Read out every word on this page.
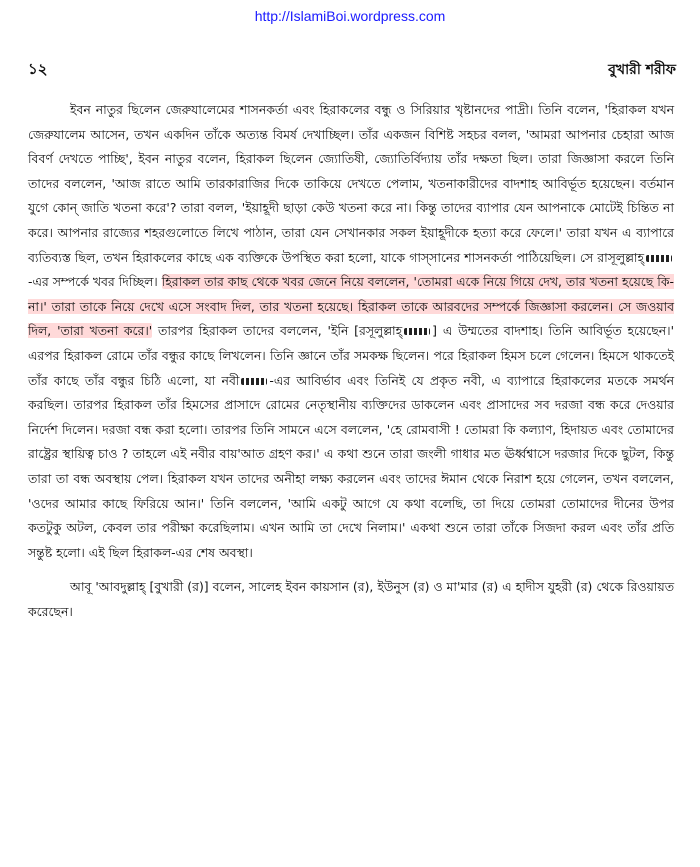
http://IslamiBoi.wordpress.com
১২	বুখারী শরীফ

ইবন নাতুর ছিলেন জেরুযালেমের শাসনকর্তা এবং হিরাকলের বন্ধু ও সিরিয়ার খৃষ্টানদের পাদ্রী। তিনি বলেন, 'হিরাকল যখন জেরুযালেম আসেন, তখন একদিন তাঁকে অত্যন্ত বিমর্ষ দেখাচ্ছিল। তাঁর একজন বিশিষ্ট সহচর বলল, 'আমরা আপনার চেহারা আজ বিবর্ণ দেখতে পাচ্ছি', ইবন নাতুর বলেন, হিরাকল ছিলেন জ্যোতিষী, জ্যোতির্বিদ্যায় তাঁর দক্ষতা ছিল। তারা জিজ্ঞাসা করলে তিনি তাদের বললেন, 'আজ রাতে আমি তারকারাজির দিকে তাকিয়ে দেখতে পেলাম, খতনাকারীদের বাদশাহ আবির্ভূত হয়েছেন। বর্তমান যুগে কোন্ জাতি খতনা করে'? তারা বলল, 'ইয়াহূদী ছাড়া কেউ খতনা করে না। কিন্তু তাদের ব্যাপার যেন আপনাকে মোটেই চিন্তিত না করে। আপনার রাজ্যের শহরগুলোতে লিখে পাঠান, তারা যেন সেখানকার সকল ইয়াহূদীকে হত্যা করে ফেলে।' তারা যখন এ ব্যাপারে ব্যতিব্যস্ত ছিল, তখন হিরাকলের কাছে এক ব্যক্তিকে উপস্থিত করা হলো, যাকে গাস্‌সানের শাসনকর্তা পাঠিয়েছিল। সে রাসূলুল্লাহ্‌-এর সম্পর্কে খবর দিচ্ছিল। হিরাকল তার কাছ থেকে খবর জেনে নিয়ে বললেন, 'তোমরা একে নিয়ে গিয়ে দেখ, তার খতনা হয়েছে কি-না।' তারা তাকে নিয়ে দেখে এসে সংবাদ দিল, তার খতনা হয়েছে। হিরাকল তাকে আরবদের সম্পর্কে জিজ্ঞাসা করলেন। সে জওয়াব দিল, 'তারা খতনা করে।' তারপর হিরাকল তাদের বললেন, 'ইনি [রসূলুল্লাহ্‌ ] এ উম্মতের বাদশাহ। তিনি আবির্ভূত হয়েছেন।' এরপর হিরাকল রোমে তাঁর বন্ধুর কাছে লিখলেন। তিনি জ্ঞানে তাঁর সমকক্ষ ছিলেন। পরে হিরাকল হিমস চলে গেলেন। হিমসে থাকতেই তাঁর কাছে তাঁর বন্ধুর চিঠি এলো, যা নবী -এর আবির্ভাব এবং তিনিই যে প্রকৃত নবী, এ ব্যাপারে হিরাকলের মতকে সমর্থন করছিল। তারপর হিরাকল তাঁর হিমসের প্রাসাদে রোমের নেতৃস্থানীয় ব্যক্তিদের ডাকলেন এবং প্রাসাদের সব দরজা বন্ধ করে দেওয়ার নির্দেশ দিলেন। দরজা বন্ধ করা হলো। তারপর তিনি সামনে এসে বললেন, 'হে রোমবাসী ! তোমরা কি কল্যাণ, হিদায়ত এবং তোমাদের রাষ্ট্রের স্থায়িত্ব চাও ? তাহলে এই নবীর বায়'আত গ্রহণ কর।' এ কথা শুনে তারা জংলী গাধার মত ঊর্ধ্বশ্বাসে দরজার দিকে ছুটল, কিন্তু তারা তা বন্ধ অবস্থায় পেল। হিরাকল যখন তাদের অনীহা লক্ষ্য করলেন এবং তাদের ঈমান থেকে নিরাশ হয়ে গেলেন, তখন বললেন, 'ওদের আমার কাছে ফিরিয়ে আন।' তিনি বললেন, 'আমি একটু আগে যে কথা বলেছি, তা দিয়ে তোমরা তোমাদের দীনের উপর কতটুকু অটল, কেবল তার পরীক্ষা করেছিলাম। এখন আমি তা দেখে নিলাম।' একথা শুনে তারা তাঁকে সিজদা করল এবং তাঁর প্রতি সন্তুষ্ট হলো। এই ছিল হিরাকল-এর শেষ অবস্থা।

আবূ 'আবদুল্লাহ্‌ [বুখারী (র)] বলেন, সালেহ ইবন কায়সান (র), ইউনুস (র) ও মা'মার (র) এ হাদীস যুহরী (র) থেকে রিওয়ায়ত করেছেন।
